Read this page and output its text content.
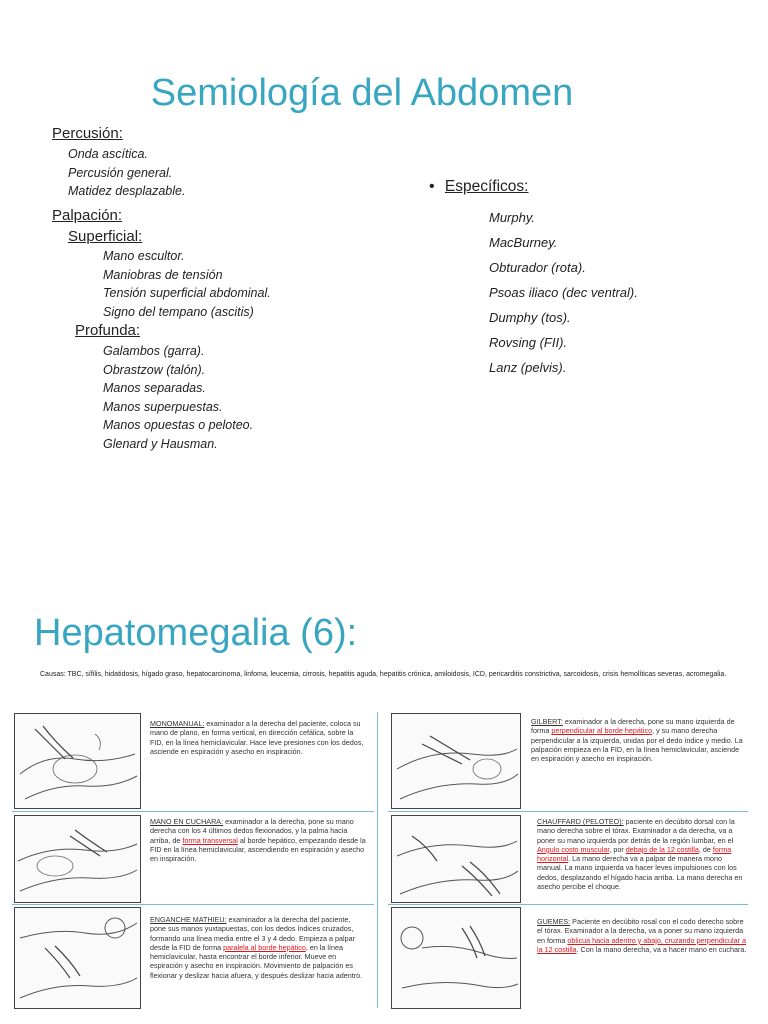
Semiología del Abdomen
Percusión:
Onda ascítica.
Percusión general.
Matidez desplazable.
Palpación:
Superficial:
Mano escultor.
Maniobras de tensión
Tensión superficial abdominal.
Signo del tempano (ascitis)
Profunda:
Galambos (garra).
Obrastzow (talón).
Manos separadas.
Manos superpuestas.
Manos opuestas o peloteo.
Glenard y Hausman.
• Específicos:
Murphy.
MacBurney.
Obturador (rota).
Psoas iliaco (dec ventral).
Dumphy (tos).
Rovsing (FII).
Lanz (pelvis).
Hepatomegalia (6):
Causas: TBC, sífilis, hidatidosis, hígado graso, hepatocarcinoma, linfoma, leucemia, cirrosis, hepatitis aguda, hepatitis crónica, amiloidosis, ICD, pericarditis constrictiva, sarcoidosis, crisis hemolíticas severas, acromegalia.
MONOMANUAL: examinador a la derecha del paciente, coloca su mano de plano, en forma vertical, en dirección cefálica, sobre la FID, en la línea hemiclavicular. Hace leve presiones con los dedos, asciende en espiración y asecho en inspiración.
GILBERT: examinador a la derecha, pone su mano izquierda de forma perpendicular al borde hepático, y su mano derecha perpendicular a la izquierda, unidas por el dedo índice y medio. La palpación empieza en la FID, en la línea hemiclavicular, asciende en espiración y asecho en inspiración.
MANO EN CUCHARA: examinador a la derecha, pone su mano derecha con los 4 últimos dedos flexionados, y la palma hacia arriba, de forma transversal al borde hepático, empezando desde la FID en la línea hemiclavicular, ascendiendo en espiración y asecho en inspiración.
CHAUFFARD (PELOTEO): paciente en decúbito dorsal con la mano derecha sobre el tórax. Examinador a da derecha, va a poner su mano izquierda por detrás de la región lumbar, en el Angulo costo muscular, por debajo de la 12 costilla, de forma horizontal. La mano derecha va a palpar de manera mono manual. La mano izquierda va hacer leves impulsiones con los dedos, desplazando el hígado hacia arriba. La mano derecha en asecho percibe el choque.
ENGANCHE MATHIEU: examinador a la derecha del paciente, pone sus manos yuxtapuestas, con los dedos índices cruzados, formando una línea media entre el 3 y 4 dedo. Empieza a palpar desde la FID de forma paralela al borde hepático, en la línea hemiclavicular, hasta encontrar el borde inferior. Mueve en espiración y asecho en inspiración. Movimiento de palpación es flexionar y deslizar hacia afuera, y después deslizar hacia adentro.
GUEMES: Paciente en decúbito rosal con el codo derecho sobre el tórax. Examinador a la derecha, va a poner su mano izquierda en forma oblicua hacia adentro y abajo, cruzando perpendicular a la 12 costilla. Con la mano derecha, va a hacer mano en cuchara.
